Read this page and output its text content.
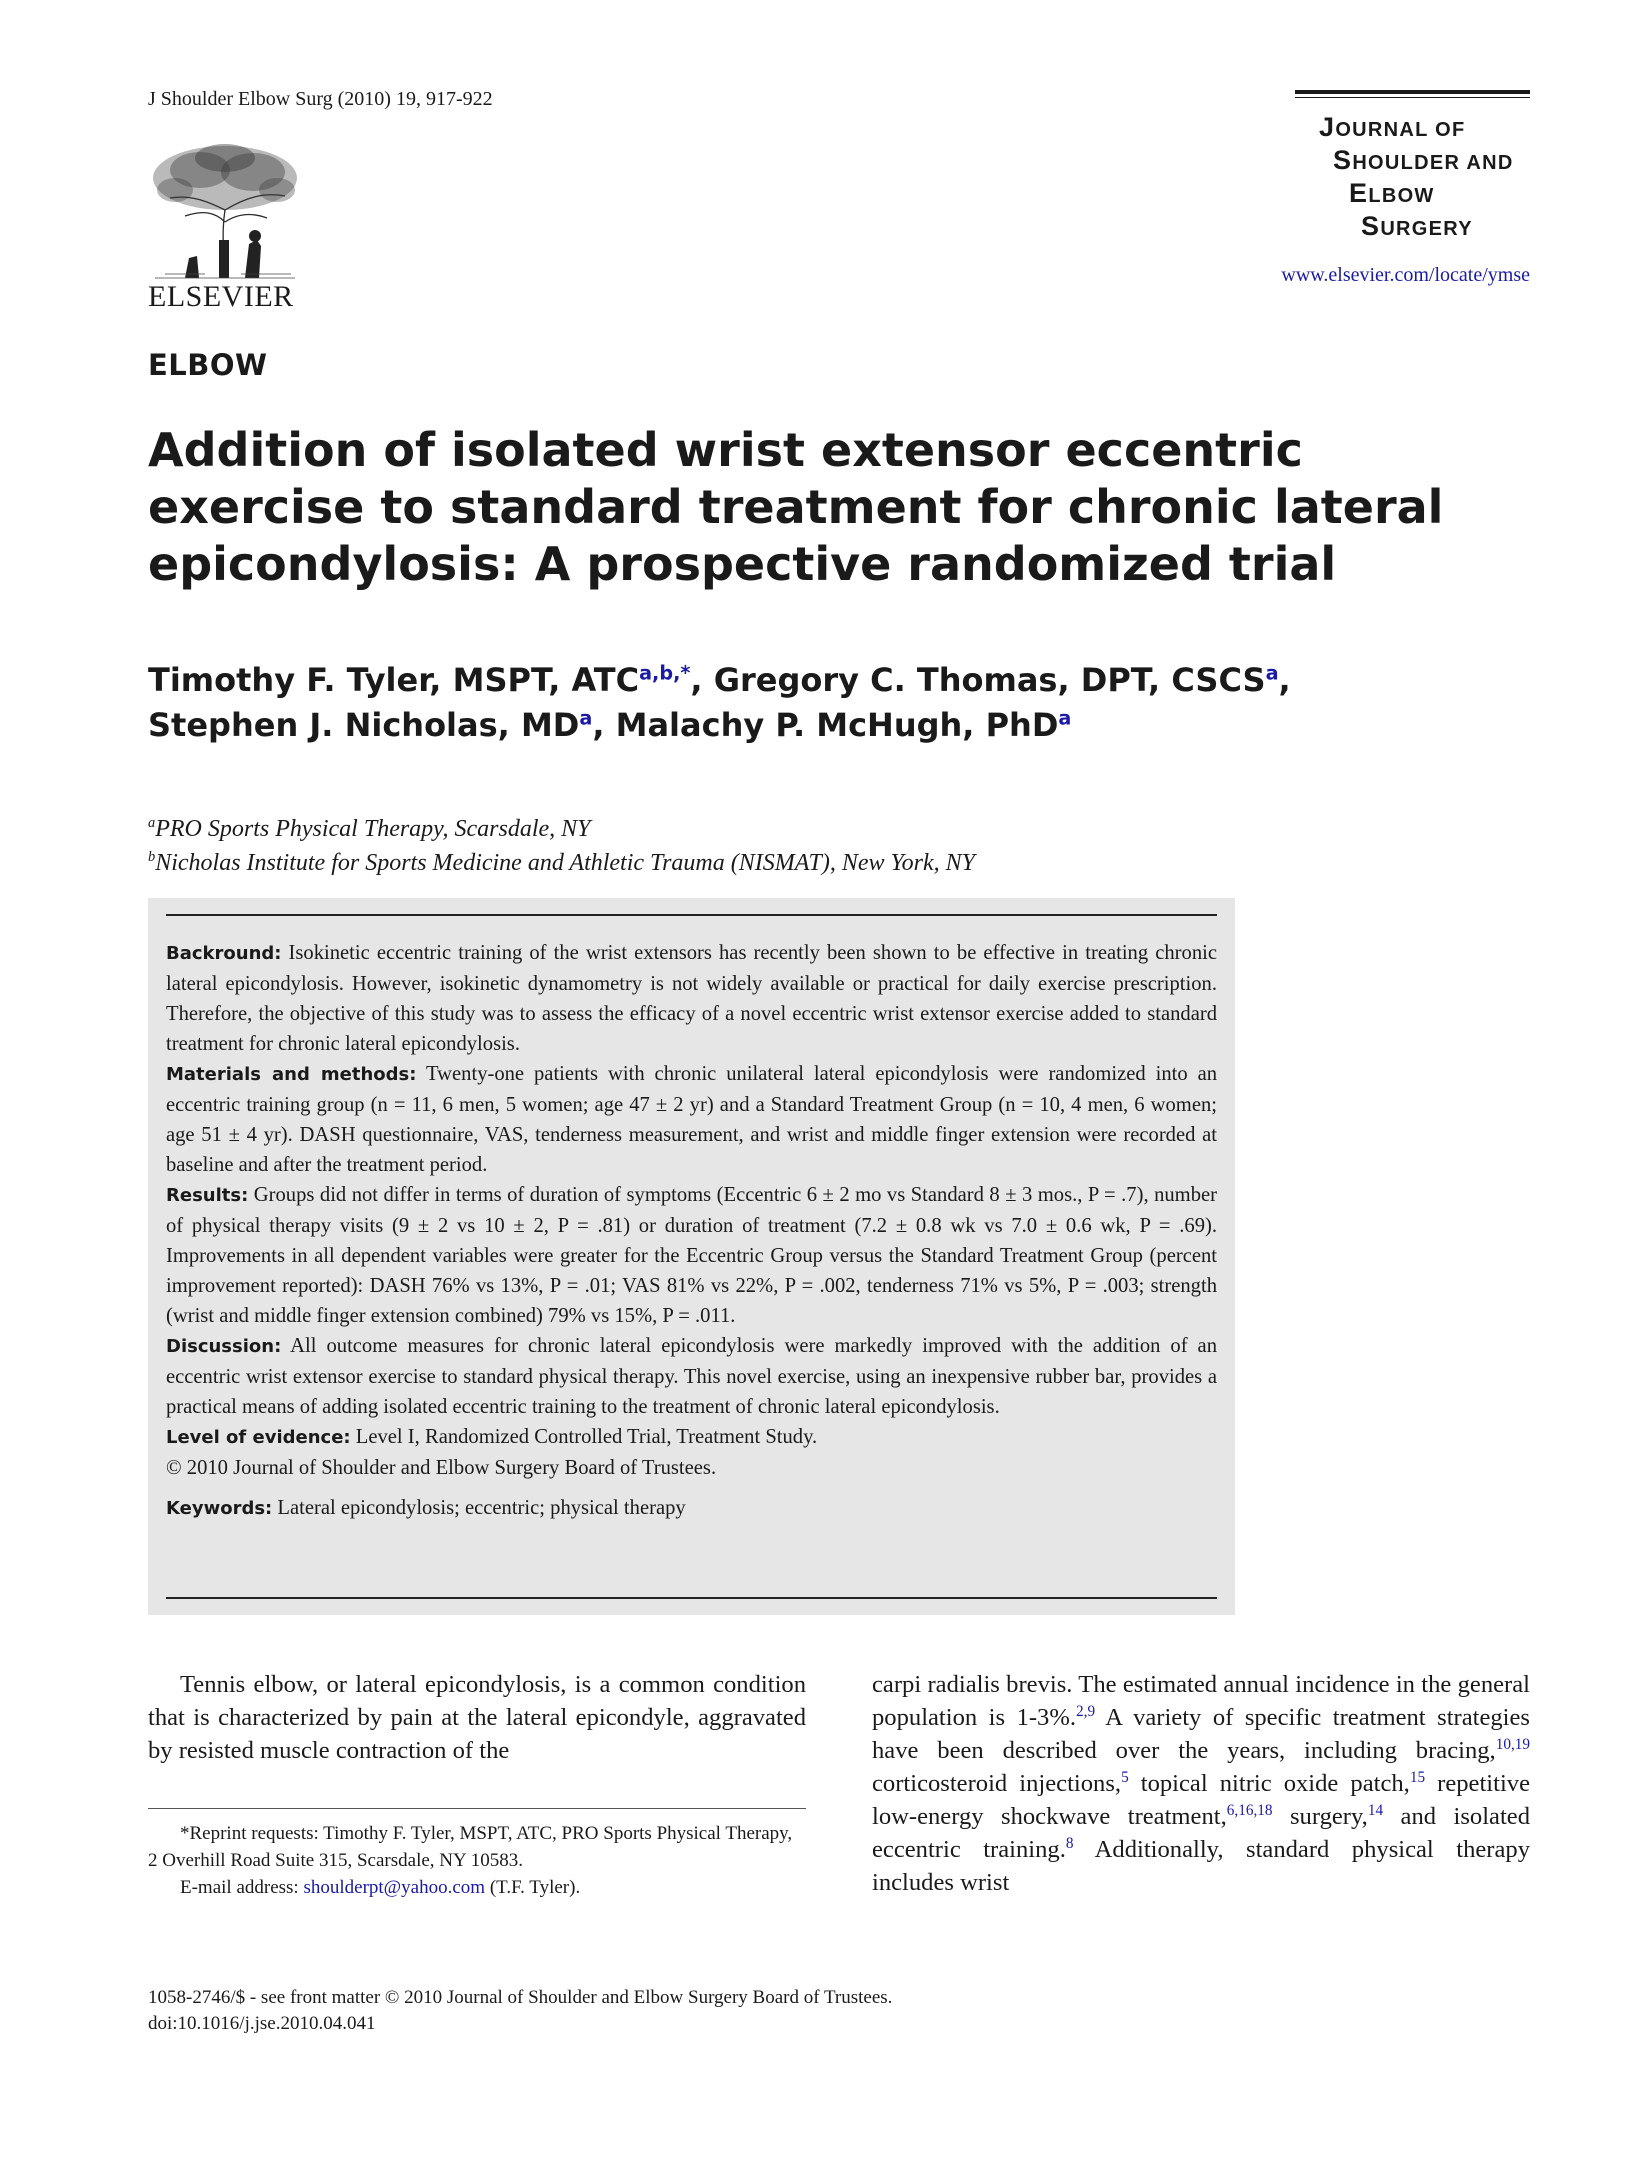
J Shoulder Elbow Surg (2010) 19, 917-922
ELSEVIER
JOURNAL OF
SHOULDER AND
ELBOW
SURGERY
www.elsevier.com/locate/ymse
ELBOW
Addition of isolated wrist extensor eccentric exercise to standard treatment for chronic lateral epicondylosis: A prospective randomized trial
Timothy F. Tyler, MSPT, $ATC^{a,b,*}$, Gregory C. Thomas, DPT, CSCS$^a$,
Stephen J. Nicholas, $MD^a$, Malachy P. McHugh, PhD$^a$
$^a$PRO Sports Physical Therapy, Scarsdale, NY
$^b$Nicholas Institute for Sports Medicine and Athletic Trauma (NISMAT), New York, NY

Backround: Isokinetic eccentric training of the wrist extensors has recently been shown to be effective in treating chronic lateral epicondylosis. However, isokinetic dynamometry is not widely available or practical for daily exercise prescription. Therefore, the objective of this study was to assess the efficacy of a novel eccentric wrist extensor exercise added to standard treatment for chronic lateral epicondylosis.

Materials and methods: Twenty-one patients with chronic unilateral lateral epicondylosis were randomized into an eccentric training group (n = 11, 6 men, 5 women; age 47 ± 2 yr) and a Standard Treatment Group (n = 10, 4 men, 6 women; age 51 ± 4 yr). DASH questionnaire, VAS, tenderness measurement, and wrist and middle finger extension were recorded at baseline and after the treatment period.

Results: Groups did not differ in terms of duration of symptoms (Eccentric 6 ± 2 mo vs Standard 8 ± 3 mos., P = .7), number of physical therapy visits (9 ± 2 vs 10 ± 2, P = .81) or duration of treatment (7.2 ± 0.8 wk vs 7.0 ± 0.6 wk, P = .69). Improvements in all dependent variables were greater for the Eccentric Group versus the Standard Treatment Group (percent improvement reported): DASH 76% vs 13%, P = .01; VAS 81% vs 22%, P = .002, tenderness 71% vs 5%, P = .003; strength (wrist and middle finger extension combined) 79% vs 15%, P = .011.

Discussion: All outcome measures for chronic lateral epicondylosis were markedly improved with the addition of an eccentric wrist extensor exercise to standard physical therapy. This novel exercise, using an inexpensive rubber bar, provides a practical means of adding isolated eccentric training to the treatment of chronic lateral epicondylosis.

Level of evidence: Level I, Randomized Controlled Trial, Treatment Study.

© 2010 Journal of Shoulder and Elbow Surgery Board of Trustees.

Keywords: Lateral epicondylosis; eccentric; physical therapy

Tennis elbow, or lateral epicondylosis, is a common condition that is characterized by pain at the lateral epicondyle, aggravated by resisted muscle contraction of the

carpi radialis brevis. The estimated annual incidence in the general population is 1-3%.$^{2,9}$ A variety of specific treatment strategies have been described over the years, including bracing,$^{10,19}$ corticosteroid injections,$^5$ topical nitric oxide patch,$^{15}$ repetitive low-energy shockwave treatment,$^{6,16,18}$ surgery,$^{14}$ and isolated eccentric training.$^8$ Additionally, standard physical therapy includes wrist

*Reprint requests: Timothy F. Tyler, MSPT, ATC, PRO Sports Physical Therapy, 2 Overhill Road Suite 315, Scarsdale, NY 10583.

E-mail address: shoulderpt@yahoo.com (T.F. Tyler).

1058-2746/$ - see front matter © 2010 Journal of Shoulder and Elbow Surgery Board of Trustees.

doi:10.1016/j.jse.2010.04.041
